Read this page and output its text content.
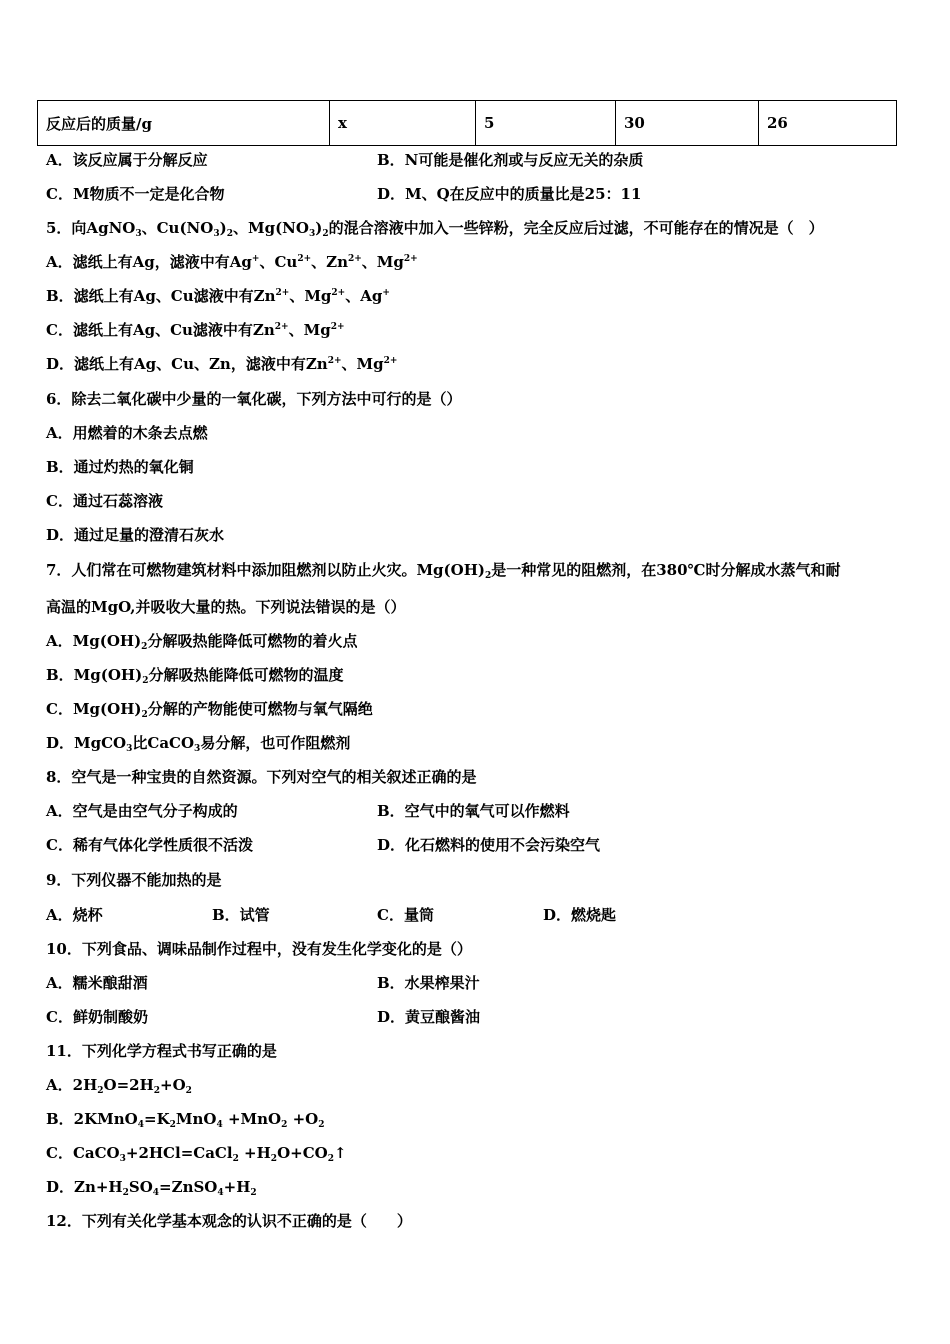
反应后的质量/g	x	5	30	26
A．该反应属于分解反应	B．N可能是催化剂或与反应无关的杂质
C．M物质不一定是化合物	D．M、Q在反应中的质量比是25：11
5．向AgNO$_3$、$Cu(NO_3)_2$、$Mg(NO_3)_2$的混合溶液中加入一些锌粉，完全反应后过滤，不可能存在的情况是（　）
A．滤纸上有Ag，滤液中有Ag+、$Cu^{2+}$、$Zn^{2+}$、$Mg^{2+}$
B．滤纸上有Ag、Cu滤液中有$Zn^{2+}$、$Mg^{2+}$、Ag+
C．滤纸上有Ag、Cu滤液中有$Zn^{2+}$、$Mg^{2+}$
D．滤纸上有Ag、Cu、Zn，滤液中有$Zn^{2+}$、$Mg^{2+}$
6．除去二氧化碳中少量的一氧化碳，下列方法中可行的是（）
A．用燃着的木条去点燃
B．通过灼热的氧化铜
C．通过石蕊溶液
D．通过足量的澄清石灰水
7．人们常在可燃物建筑材料中添加阻燃剂以防止火灾。$Mg(OH)_2$是一种常见的阻燃剂，在380℃时分解成水蒸气和耐
高温的MgO,并吸收大量的热。下列说法错误的是（）
A．$Mg(OH)_2$分解吸热能降低可燃物的着火点
B．$Mg(OH)_2$分解吸热能降低可燃物的温度
C．$Mg(OH)_2$分解的产物能使可燃物与氧气隔绝
D．MgCO$_3$比CaCO$_3$易分解，也可作阻燃剂
8．空气是一种宝贵的自然资源。下列对空气的相关叙述正确的是
A．空气是由空气分子构成的	B．空气中的氧气可以作燃料
C．稀有气体化学性质很不活泼	D．化石燃料的使用不会污染空气
9．下列仪器不能加热的是
A．烧杯	B．试管	C．量筒	D．燃烧匙
10．下列食品、调味品制作过程中，没有发生化学变化的是（）
A．糯米酿甜酒	B．水果榨果汁
C．鲜奶制酸奶	D．黄豆酿酱油
11．下列化学方程式书写正确的是
A．$2H_2O=2H_2+O_2$
B．$2KMnO_4=K_2MnO_4 +MnO_2 +O_2$
C．CaCO$_3$+2HCl=CaCl$_2$ $+H_2O+CO_2↑$
D．$Zn+H_2SO_4=ZnSO_4+H_2$
12．下列有关化学基本观念的认识不正确的是（　　）
